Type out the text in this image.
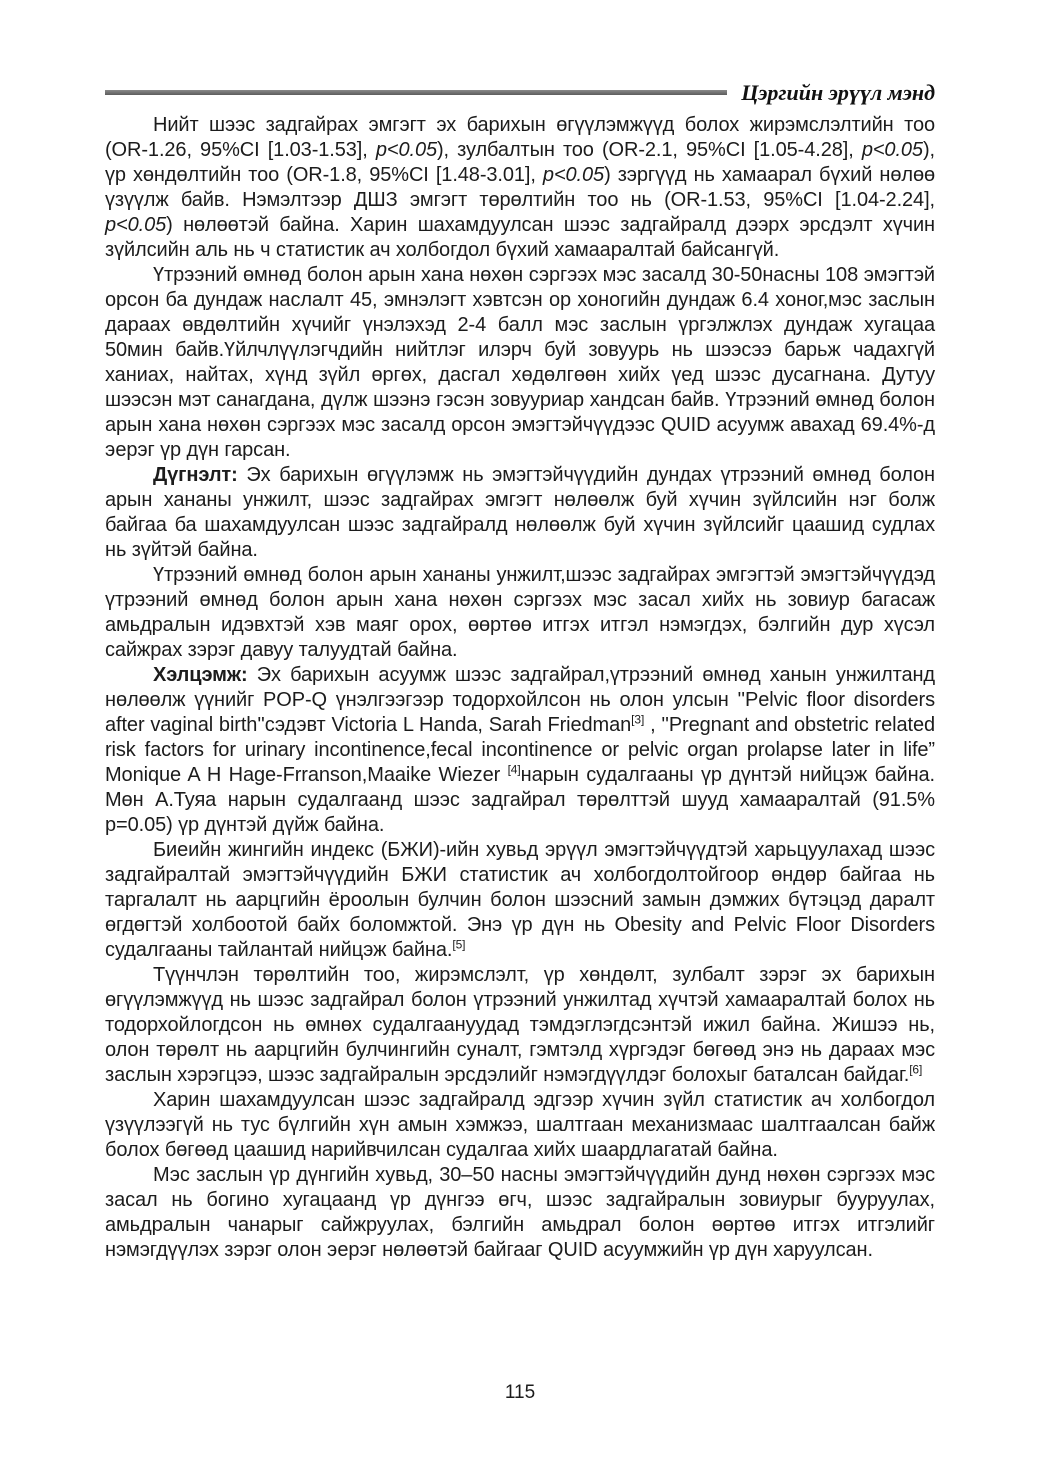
Цэргийн эрүүл мэнд

Нийт шээс задгайрах эмгэгт эх барихын өгүүлэмжүүд болох жирэмслэлтийн тоо (OR-1.26, 95%CI [1.03-1.53], p<0.05), зулбалтын тоо (OR-2.1, 95%CI [1.05-4.28], p<0.05), үр хөндөлтийн тоо (OR-1.8, 95%CI [1.48-3.01], p<0.05) зэргүүд нь хамаарал бүхий нөлөө үзүүлж байв. Нэмэлтээр ДШЗ эмгэгт төрөлтийн тоо нь (OR-1.53, 95%CI [1.04-2.24], p<0.05) нөлөөтэй байна. Харин шахамдуулсан шээс задгайралд дээрх эрсдэлт хүчин зүйлсийн аль нь ч статистик ач холбогдол бүхий хамааралтай байсангүй.

Үтрээний өмнөд болон арын хана нөхөн сэргээх мэс засалд 30-50насны 108 эмэгтэй орсон ба дундаж наслалт 45, эмнэлэгт хэвтсэн ор хоногийн дундаж 6.4 хоног,мэс заслын дараах өвдөлтийн хүчийг үнэлэхэд 2-4 балл мэс заслын үргэлжлэх дундаж хугацаа 50мин байв.Үйлчлүүлэгчдийн нийтлэг илэрч буй зовуурь нь шээсээ барьж чадахгүй ханиах, найтах, хүнд зүйл өргөх, дасгал хөдөлгөөн хийх үед шээс дусагнана. Дутуу шээсэн мэт санагдана, дүлж шээнэ гэсэн зовууриар хандсан байв. Үтрээний өмнөд болон арын хана нөхөн сэргээх мэс засалд орсон эмэгтэйчүүдээс QUID асуумж авахад 69.4%-д эерэг үр дүн гарсан.

Дүгнэлт: Эх барихын өгүүлэмж нь эмэгтэйчүүдийн дундах үтрээний өмнөд болон арын хананы унжилт, шээс задгайрах эмгэгт нөлөөлж буй хүчин зүйлсийн нэг болж байгаа ба шахамдуулсан шээс задгайралд нөлөөлж буй хүчин зүйлсийг цаашид судлах нь зүйтэй байна.

Үтрээний өмнөд болон арын хананы унжилт,шээс задгайрах эмгэгтэй эмэгтэйчүүдэд үтрээний өмнөд болон арын хана нөхөн сэргээх мэс засал хийх нь зовиур багасаж амьдралын идэвхтэй хэв маяг орох, өөртөө итгэх итгэл нэмэгдэх, бэлгийн дур хүсэл сайжрах зэрэг давуу талуудтай байна.

Хэлцэмж: Эх барихын асуумж шээс задгайрал,үтрээний өмнөд ханын унжилтанд нөлөөлж үүнийг POP-Q үнэлгээгээр тодорхойлсон нь олон улсын ''Pelvic floor disorders after vaginal birth''сэдэвт Victoria L Handa, Sarah Friedman[3] , ''Pregnant and obstetric related risk factors for urinary incontinence,fecal incontinence or pelvic organ prolapse later in life” Monique A H Hage-Frranson,Maaike Wiezer [4]нарын судалгааны үр дүнтэй нийцэж байна. Мөн А.Туяа нарын судалгаанд шээс задгайрал төрөлттэй шууд хамааралтай (91.5% p=0.05) үр дүнтэй дүйж байна.

Биеийн жингийн индекс (БЖИ)-ийн хувьд эрүүл эмэгтэйчүүдтэй харьцуулахад шээс задгайралтай эмэгтэйчүүдийн БЖИ статистик ач холбогдолтойгоор өндөр байгаа нь таргалалт нь аарцгийн ёроолын булчин болон шээсний замын дэмжих бүтэцэд даралт өгдөгтэй холбоотой байх боломжтой. Энэ үр дүн нь Obesity and Pelvic Floor Disorders судалгааны тайлантай нийцэж байна.[5]

Түүнчлэн төрөлтийн тоо, жирэмслэлт, үр хөндөлт, зулбалт зэрэг эх барихын өгүүлэмжүүд нь шээс задгайрал болон үтрээний унжилтад хүчтэй хамааралтай болох нь тодорхойлогдсон нь өмнөх судалгаануудад тэмдэглэгдсэнтэй ижил байна. Жишээ нь, олон төрөлт нь аарцгийн булчингийн суналт, гэмтэлд хүргэдэг бөгөөд энэ нь дараах мэс заслын хэрэгцээ, шээс задгайралын эрсдэлийг нэмэгдүүлдэг болохыг баталсан байдаг.[6]

Харин шахамдуулсан шээс задгайралд эдгээр хүчин зүйл статистик ач холбогдол үзүүлээгүй нь тус бүлгийн хүн амын хэмжээ, шалтгаан механизмаас шалтгаалсан байж болох бөгөөд цаашид нарийвчилсан судалгаа хийх шаардлагатай байна.

Мэс заслын үр дүнгийн хувьд, 30–50 насны эмэгтэйчүүдийн дунд нөхөн сэргээх мэс засал нь богино хугацаанд үр дүнгээ өгч, шээс задгайралын зовиурыг бууруулах, амьдралын чанарыг сайжруулах, бэлгийн амьдрал болон өөртөө итгэх итгэлийг нэмэгдүүлэх зэрэг олон эерэг нөлөөтэй байгааг QUID асуумжийн үр дүн харуулсан.

115
